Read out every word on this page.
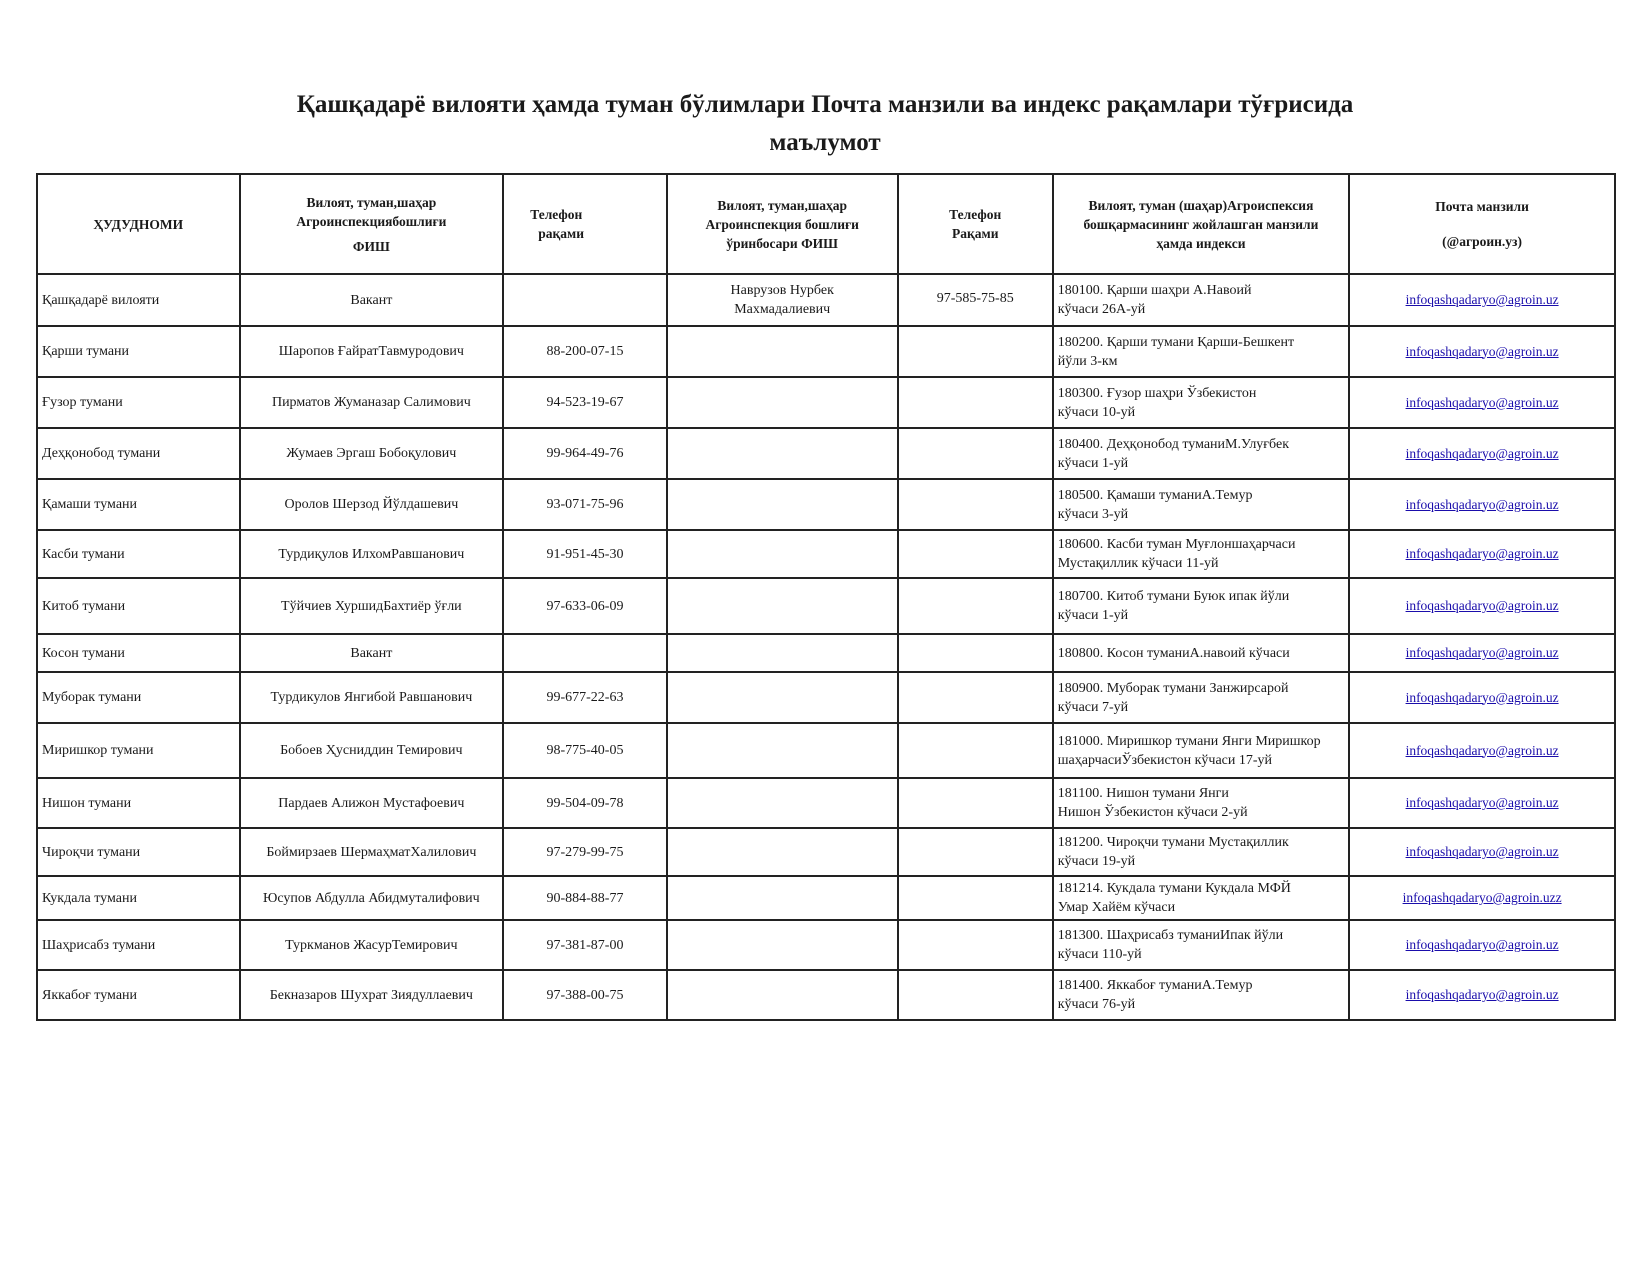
Қашқадарё вилояти ҳамда туман бўлимлари Почта манзили ва индекс рақамлари тўғрисида
маълумот
ҲУДУДНОМИ	Вилоят, туман,шаҳар
Агроинспекциябошлиғи
ФИШ	Телефон
рақами	Вилоят, туман,шаҳар
Агроинспекция бошлиғи
ўринбосари ФИШ	Телефон
Рақами	Вилоят, туман (шаҳар)Агроиспексия
бошқармасининг жойлашган манзили
ҳамда индекси	Почта манзили
(@агроин.уз)

Қашқадарё вилояти	Вакант		Наврузов Нурбек
Махмадалиевич	97-585-75-85	180100. Қарши шаҳри А.Навоий
кўчаси 26А-уй	infoqashqadaryo@agroin.uz
Қарши тумани	Шаропов ҒайратТавмуродович	88-200-07-15			180200. Қарши тумани Қарши-Бешкент
йўли 3-км	infoqashqadaryo@agroin.uz
Ғузор тумани	Пирматов Жуманазар Салимович	94-523-19-67			180300. Ғузор шаҳри Ўзбекистон
кўчаси 10-уй	infoqashqadaryo@agroin.uz
Деҳқонобод тумани	Жумаев Эргаш Бобоқулович	99-964-49-76			180400. Деҳқонобод туманиМ.Улуғбек
кўчаси 1-уй	infoqashqadaryo@agroin.uz
Қамаши тумани	Оролов Шерзод Йўлдашевич	93-071-75-96			180500. Қамаши туманиА.Темур
кўчаси 3-уй	infoqashqadaryo@agroin.uz
Касби тумани	Турдиқулов ИлхомРавшанович	91-951-45-30			180600. Касби туман Муғлоншаҳарчаси
Мустақиллик кўчаси 11-уй	infoqashqadaryo@agroin.uz
Китоб тумани	Тўйчиев ХуршидБахтиёр ўғли	97-633-06-09			180700. Китоб тумани Буюк ипак йўли
кўчаси 1-уй	infoqashqadaryo@agroin.uz
Косон тумани	Вакант				180800. Косон туманиА.навоий кўчаси	infoqashqadaryo@agroin.uz
Муборак тумани	Турдикулов Янгибой Равшанович	99-677-22-63			180900. Муборак тумани Занжирсарой
кўчаси 7-уй	infoqashqadaryo@agroin.uz
Миришкор тумани	Бобоев Ҳусниддин Темирович	98-775-40-05			181000. Миришкор тумани Янги Миришкор
шаҳарчасиЎзбекистон кўчаси 17-уй	infoqashqadaryo@agroin.uz
Нишон тумани	Пардаев Алижон Мустафоевич	99-504-09-78			181100. Нишон тумани Янги
Нишон Ўзбекистон кўчаси 2-уй	infoqashqadaryo@agroin.uz
Чироқчи тумани	Боймирзаев ШермаҳматХалилович	97-279-99-75			181200. Чироқчи тумани Мустақиллик
кўчаси 19-уй	infoqashqadaryo@agroin.uz
Кукдала тумани	Юсупов Абдулла Абидмуталифович	90-884-88-77			181214. Кукдала тумани Кукдала МФЙ
Умар Хайём кўчаси	infoqashqadaryo@agroin.uzz
Шаҳрисабз тумани	Туркманов ЖасурТемирович	97-381-87-00			181300. Шаҳрисабз туманиИпак йўли
кўчаси 110-уй	infoqashqadaryo@agroin.uz
Яккабоғ тумани	Бекназаров Шухрат Зиядуллаевич	97-388-00-75			181400. Яккабоғ туманиА.Темур
кўчаси 76-уй	infoqashqadaryo@agroin.uz
